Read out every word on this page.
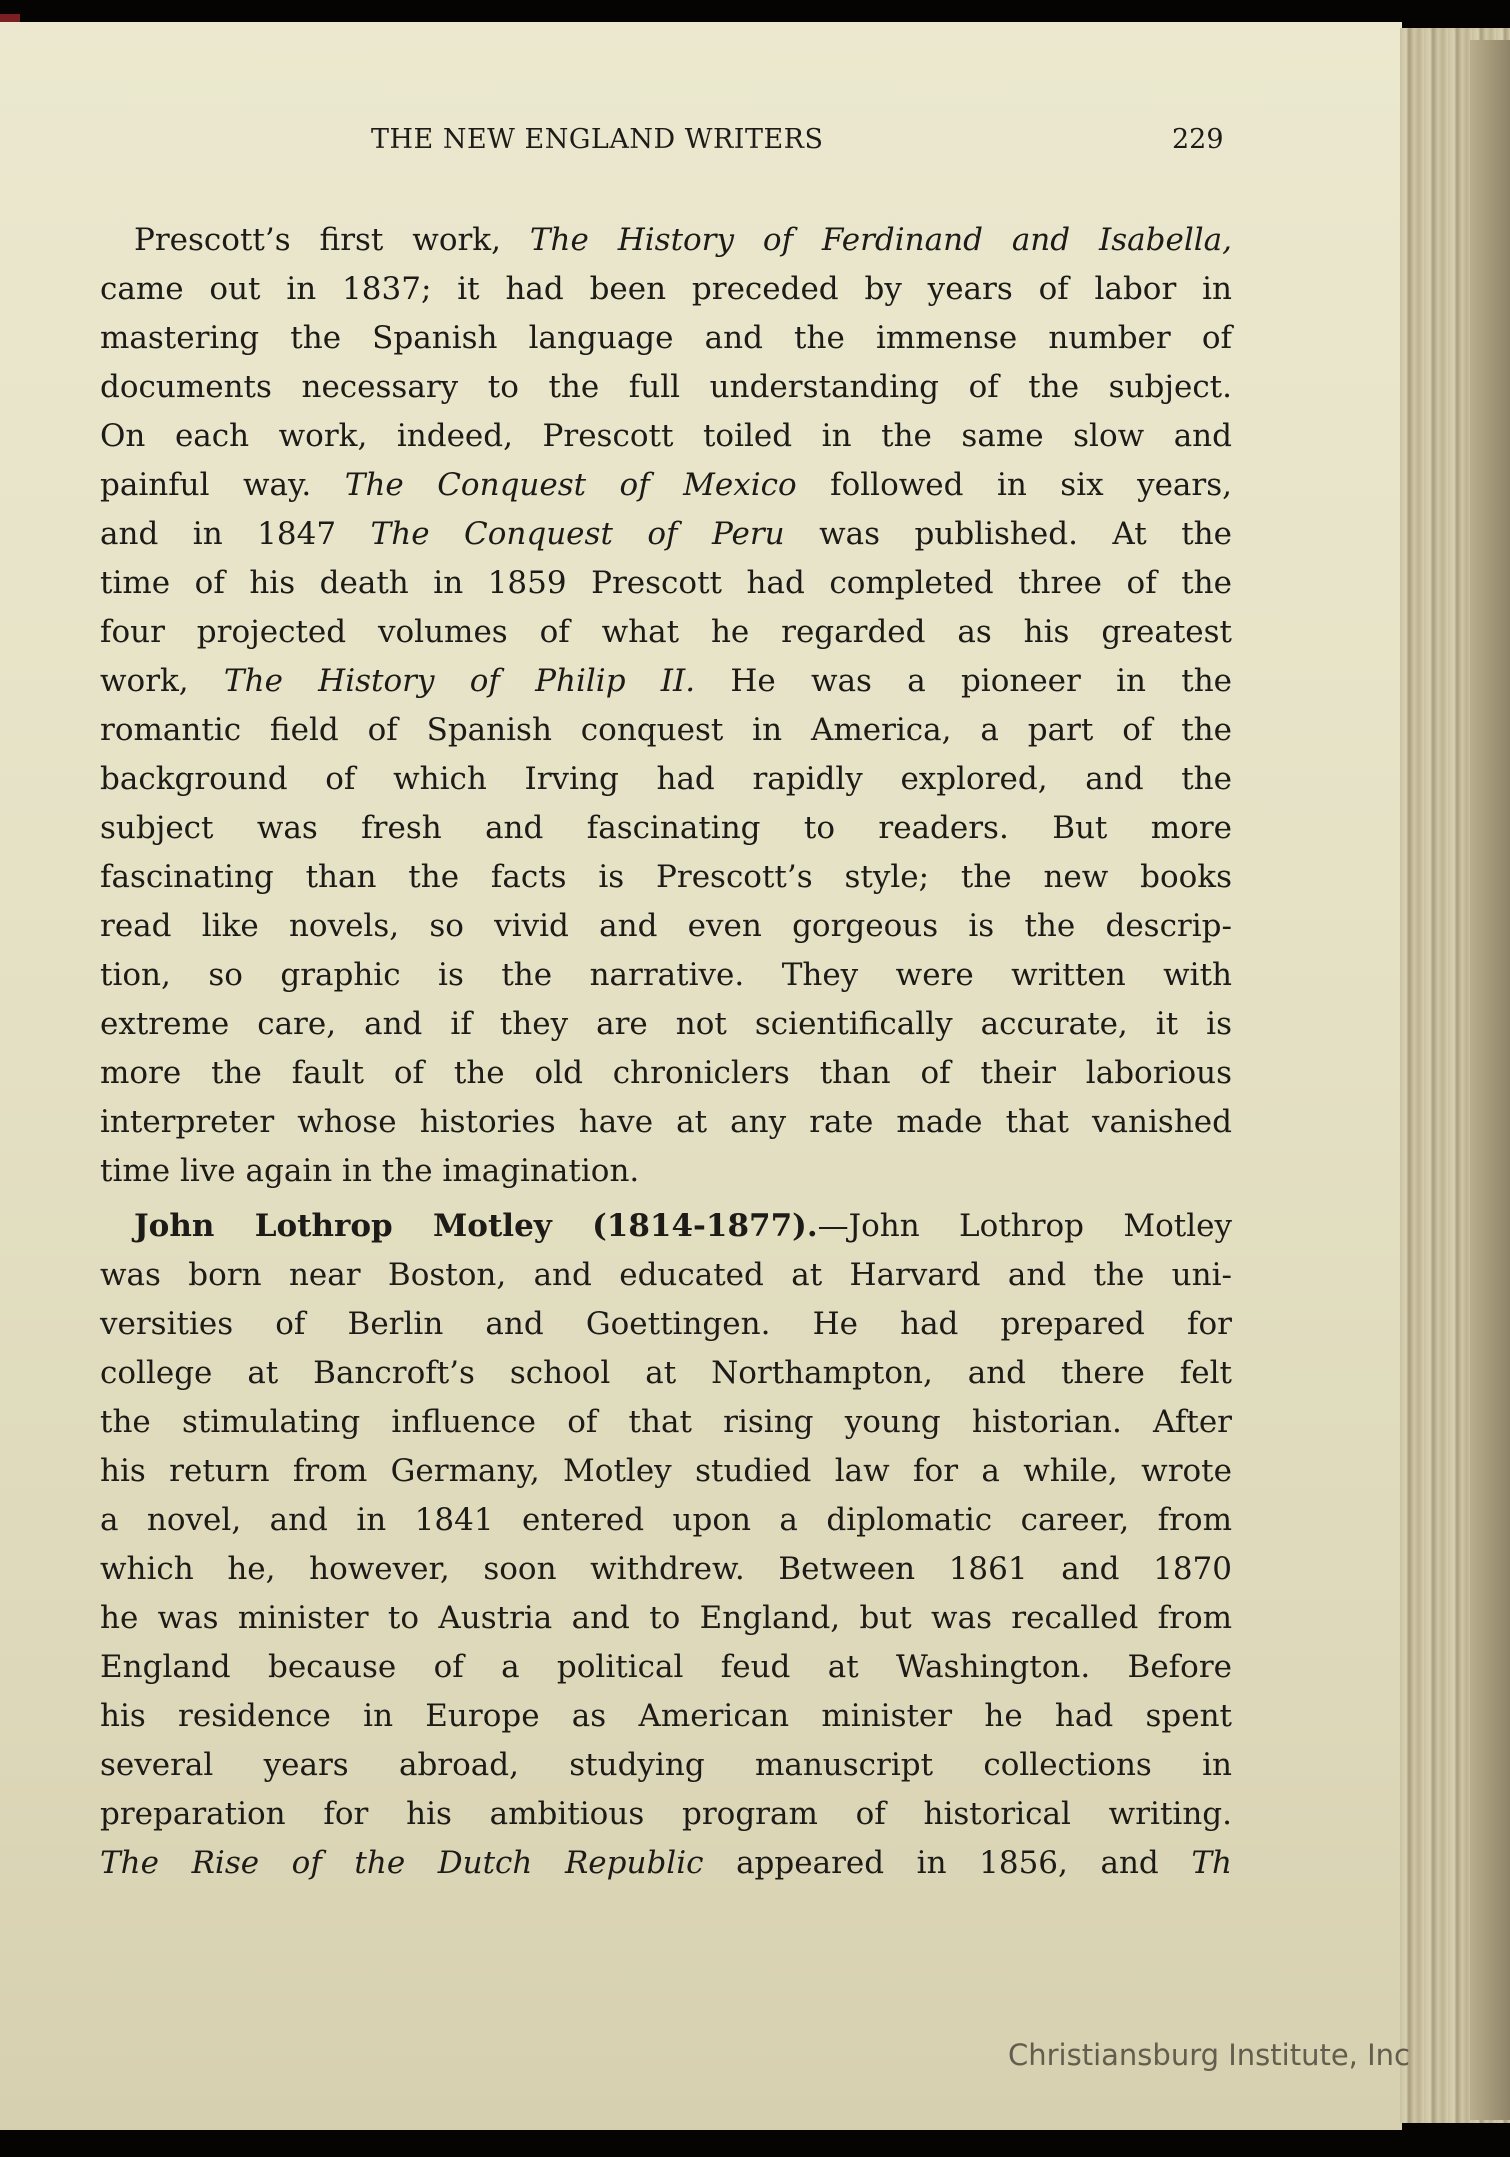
THE NEW ENGLAND WRITERS	229
Prescott’s first work, The History of Ferdinand and Isabella,
came out in 1837; it had been preceded by years of labor in
mastering the Spanish language and the immense number of
documents necessary to the full understanding of the subject.
On each work, indeed, Prescott toiled in the same slow and
painful way. The Conquest of Mexico followed in six years,
and in 1847 The Conquest of Peru was published. At the
time of his death in 1859 Prescott had completed three of the
four projected volumes of what he regarded as his greatest
work, The History of Philip II. He was a pioneer in the
romantic field of Spanish conquest in America, a part of the
background of which Irving had rapidly explored, and the
subject was fresh and fascinating to readers. But more
fascinating than the facts is Prescott’s style; the new books
read like novels, so vivid and even gorgeous is the descrip-
tion, so graphic is the narrative. They were written with
extreme care, and if they are not scientifically accurate, it is
more the fault of the old chroniclers than of their laborious
interpreter whose histories have at any rate made that vanished
time live again in the imagination.
John Lothrop Motley (1814-1877).—John Lothrop Motley
was born near Boston, and educated at Harvard and the uni-
versities of Berlin and Goettingen. He had prepared for
college at Bancroft’s school at Northampton, and there felt
the stimulating influence of that rising young historian. After
his return from Germany, Motley studied law for a while, wrote
a novel, and in 1841 entered upon a diplomatic career, from
which he, however, soon withdrew. Between 1861 and 1870
he was minister to Austria and to England, but was recalled from
England because of a political feud at Washington. Before
his residence in Europe as American minister he had spent
several years abroad, studying manuscript collections in
preparation for his ambitious program of historical writing.
The Rise of the Dutch Republic appeared in 1856, and Th
Christiansburg Institute, Inc
